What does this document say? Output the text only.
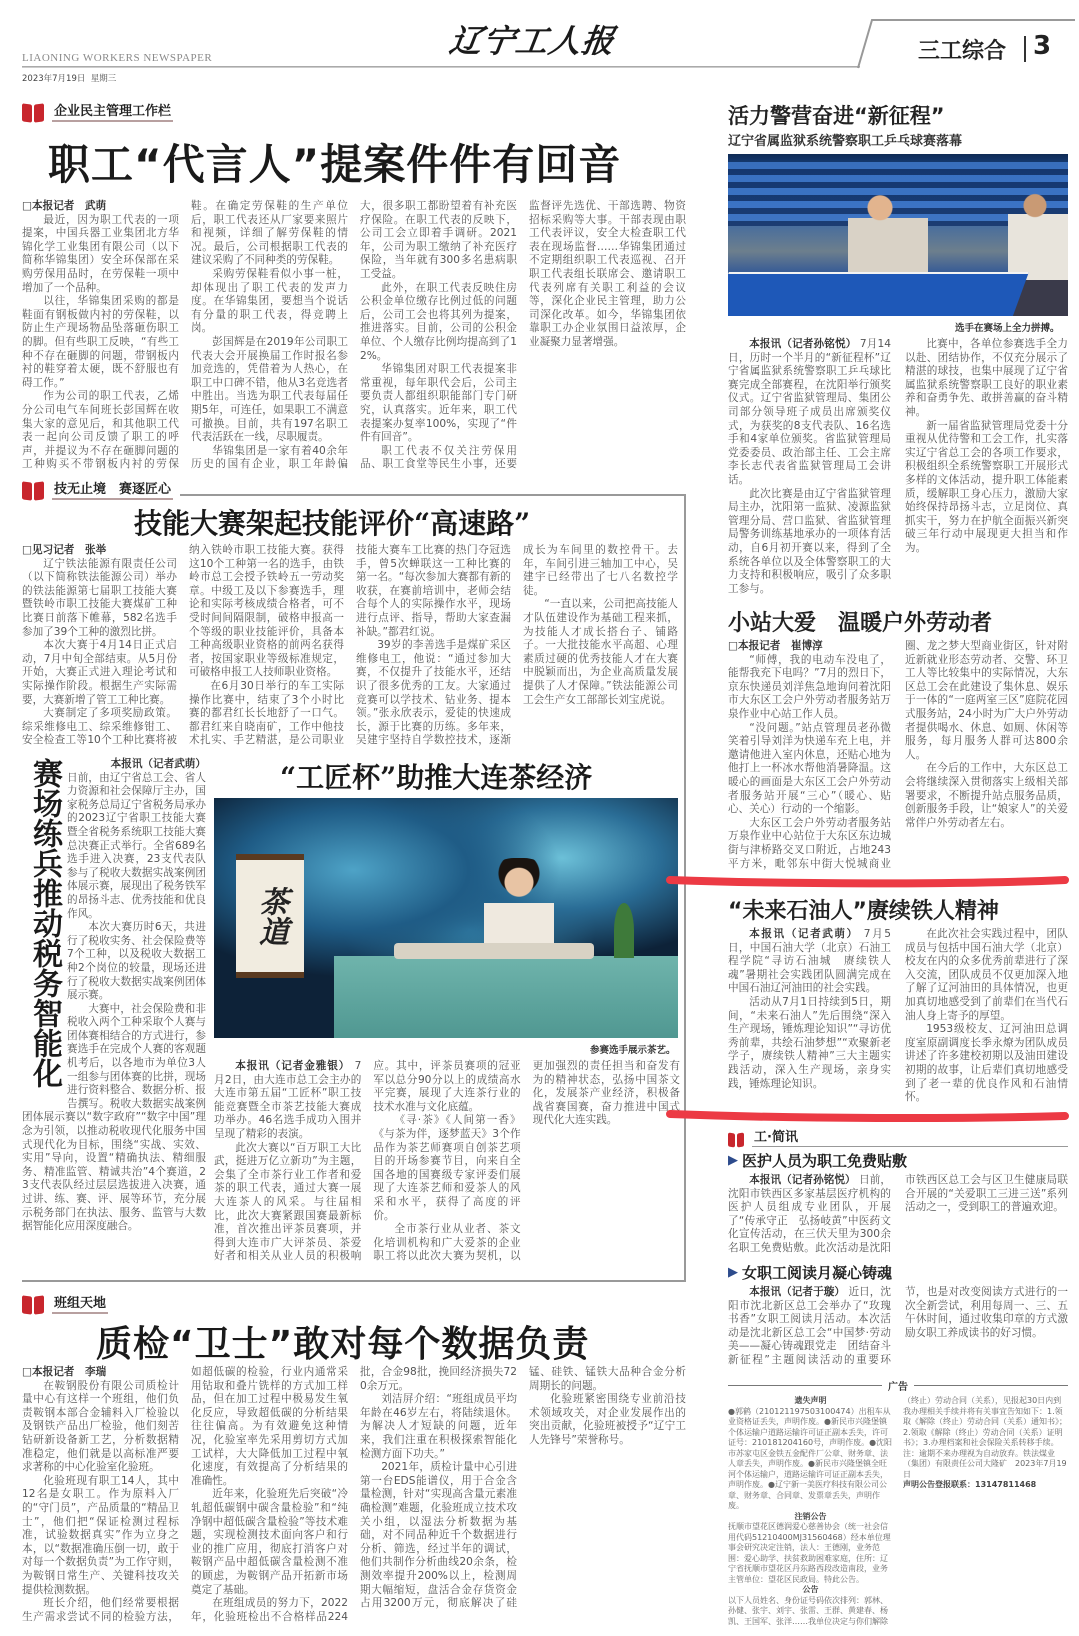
辽宁工人报
LIAONING WORKERS NEWSPAPER
2023年7月19日  星期三
三工综合 3
企业民主管理工作栏
职工“代言人”提案件件有回音

□本报记者　武萌

最近，因为职工代表的一项提案，中国兵器工业集团北方华锦化学工业集团有限公司（以下简称华锦集团）安全环保部在采购劳保用品时，在劳保鞋一项中增加了一个品种。

以往，华锦集团采购的都是鞋面有钢板做内衬的劳保鞋，以防止生产现场物品坠落砸伤职工的脚。但有些职工反映，“有些工种不存在砸脚的问题，带钢板内衬的鞋穿着太硬，既不舒服也有碍工作。”

作为公司的职工代表，乙烯分公司电气车间班长彭国辉在收集大家的意见后，和其他职工代表一起向公司反馈了职工的呼声，并提议为不存在砸脚问题的工种购买不带钢板内衬的劳保鞋。在确定劳保鞋的生产单位后，职工代表还从厂家要来照片和视频，详细了解劳保鞋的情况。最后，公司根据职工代表的建议采购了不同种类的劳保鞋。

采购劳保鞋看似小事一桩，却体现出了职工代表的发声力度。在华锦集团，要想当个说话有分量的职工代表，得竞聘上岗。

彭国辉是在2019年公司职工代表大会开展换届工作时报名参加竞选的，凭借着为人热心，在职工中口碑不错，他从3名竞选者中胜出。当选为职工代表每届任期5年，可连任，如果职工不满意可撤换。目前，共有197名职工代表活跃在一线，尽职履责。

华锦集团是一家有着40余年历史的国有企业，职工年龄偏大，很多职工都盼望着有补充医疗保险。在职工代表的反映下，公司工会立即着手调研。2021年，公司为职工缴纳了补充医疗保险，当年就有300多名患病职工受益。

此外，在职工代表反映住房公积金单位缴存比例过低的问题后，公司工会也将其列为提案，推进落实。目前，公司的公积金单位、个人缴存比例均提高到了12%。

华锦集团对职工代表提案非常重视，每年职代会后，公司主要负责人都组织职能部门专门研究，认真落实。近年来，职工代表提案办复率100%，实现了“件件有回音”。

职工代表不仅关注劳保用品、职工食堂等民生小事，还要监督评先选优、干部选聘、物资招标采购等大事。干部表现由职工代表评议，安全大检查职工代表在现场监督……华锦集团通过不定期组织职工代表巡视、召开职工代表组长联席会、邀请职工代表列席有关职工利益的会议等，深化企业民主管理，助力公司深化改革。如今，华锦集团依靠职工办企业氛围日益浓厚，企业凝聚力显著增强。

活力警营奋进“新征程”
辽宁省属监狱系统警察职工乒乓球赛落幕
选手在赛场上全力拼搏。

本报讯（记者孙铭悦） 7月14日，历时一个半月的“新征程杯”辽宁省属监狱系统警察职工乒乓球比赛完成全部赛程，在沈阳举行颁奖仪式。辽宁省监狱管理局、集团公司部分领导班子成员出席颁奖仪式，为获奖的8支代表队、16名选手和4家单位颁奖。省监狱管理局党委委员、政治部主任、工会主席李长志代表省监狱管理局工会讲话。

此次比赛是由辽宁省监狱管理局主办，沈阳第一监狱、凌源监狱管理分局、营口监狱、省监狱管理局警务训练基地承办的一项体育活动，自6月初开赛以来，得到了全系统各单位以及全体警察职工的大力支持和积极响应，吸引了众多职工参与。

比赛中，各单位参赛选手全力以赴、团结协作，不仅充分展示了精湛的球技，也集中展现了辽宁省属监狱系统警察职工良好的职业素养和奋勇争先、敢拼善赢的奋斗精神。

新一届省监狱管理局党委十分重视从优待警和工会工作，扎实落实辽宁省总工会的各项工作要求，积极组织全系统警察职工开展形式多样的文体活动，提升职工体能素质，缓解职工身心压力，激励大家始终保持昂扬斗志，立足岗位、真抓实干，努力在护航全面振兴新突破三年行动中展现更大担当和作为。

技无止境　赛逐匠心
技能大赛架起技能评价“高速路”

□见习记者　张举

辽宁铁法能源有限责任公司（以下简称铁法能源公司）举办的铁法能源第七届职工技能大赛暨铁岭市职工技能大赛煤矿工种比赛日前落下帷幕，582名选手参加了39个工种的激烈比拼。

本次大赛于4月14日正式启动，7月中旬全部结束。从5月份开始，大赛正式进入理论考试和实际操作阶段。根据生产实际需要，大赛新增了管工工种比赛。

大赛制定了多项奖励政策。综采维修电工、综采维修钳工、安全检查工等10个工种比赛将被纳入铁岭市职工技能大赛。获得这10个工种第一名的选手，由铁岭市总工会授予铁岭五一劳动奖章。中级工及以下参赛选手，理论和实际考核成绩合格者，可不受时间间隔限制，破格申报高一个等级的职业技能评价，具备本工种高级职业资格的前两名获得者，按国家职业等级标准规定，可破格申报工人技师职业资格。

在6月30日举行的车工实际操作比赛中，结束了3个小时比赛的都君红长长地舒了一口气。都君红来自晓南矿，工作中他技术扎实、手艺精湛，是公司职业技能大赛车工比赛的热门夺冠选手，曾5次蝉联这一工种比赛的第一名。“每次参加大赛都有新的收获，在赛前培训中，老师会结合每个人的实际操作水平，现场进行点评、指导，帮助大家查漏补缺。”都君红说。

39岁的李善选手是煤矿采区维修电工，他说：“通过参加大赛，不仅提升了技能水平，还结识了很多优秀的工友。大家通过竞赛可以学技术、钻业务、提本领。”张永欣表示，爱徒的快速成长，源于比赛的历练。多年来，吴建宇坚持自学数控技术，逐渐成长为车间里的数控骨干。去年，车间引进三轴加工中心，吴建宇已经带出了七八名数控学徒。

“一直以来，公司把高技能人才队伍建设作为基础工程来抓，为技能人才成长搭台子、铺路子。一大批技能水平高超、心理素质过硬的优秀技能人才在大赛中脱颖而出，为企业高质量发展提供了人才保障。”铁法能源公司工会生产女工部部长刘宝虎说。

赛场练兵推动税务智能化	本报讯（记者武萌）

日前，由辽宁省总工会、省人力资源和社会保障厅主办，国家税务总局辽宁省税务局承办的2023辽宁省职工技能大赛暨全省税务系统职工技能大赛总决赛正式举行。全省689名选手进入决赛，23支代表队参与了税收大数据实战案例团体展示赛，展现出了税务铁军的昂扬斗志、优秀技能和优良作风。

本次大赛历时6天，共进行了税收实务、社会保险费等7个工种，以及税收大数据工种2个岗位的较量，现场还进行了税收大数据实战案例团体展示赛。

大赛中，社会保险费和非税收入两个工种采取个人赛与团体赛相结合的方式进行，参赛选手在完成个人赛的客观题机考后，以各地市为单位3人一组参与团体赛的比拼，现场进行资料整合、数据分析、报告撰写。税收大数据实战案例团体展示赛以“数字政府”“数字中国”理念为引领，以推动税收现代化服务中国式现代化为目标，围绕“实战、实效、实用”导向，设置“精确执法、精细服务、精准监管、精诚共治”4个赛道，23支代表队经过层层选拔进入决赛，通过讲、练、赛、评、展等环节，充分展示税务部门在执法、服务、监管与大数据智能化应用深度融合。

“工匠杯”助推大连茶经济
茶道
参赛选手展示茶艺。

本报讯（记者金雅银） 7月2日，由大连市总工会主办的大连市第五届“工匠杯”职工技能竞赛暨全市茶艺技能大赛成功举办。46名选手成功入围并呈现了精彩的表演。

此次大赛以“百万职工大比武，挺进万亿立新功”为主题，会集了全市茶行业工作者和爱茶的职工代表，通过大赛一展大连茶人的风采。与往届相比，此次大赛紧跟国赛最新标准，首次推出评茶员赛项，并得到大连市广大评茶员、茶爱好者和相关从业人员的积极响应。其中，评茶员赛项的冠亚军以总分90分以上的成绩高水平完赛，展现了大连茶行业的技术水准与文化底蕴。

《寻·茶》《人间第一香》《与茶为伴，逐梦蓝天》3个作品作为茶艺师赛项自创茶艺项目的开场参赛节目，向来自全国各地的国赛级专家评委们展现了大连茶艺师和爱茶人的风采和水平，获得了高度的评价。

全市茶行业从业者、茶文化培训机构和广大爱茶的企业职工将以此次大赛为契机，以更加强烈的责任担当和奋发有为的精神状态，弘扬中国茶文化，发展茶产业经济，积极备战省赛国赛，奋力推进中国式现代化大连实践。

小站大爱　温暖户外劳动者

□本报记者　崔博淳

“师傅，我的电动车没电了，能帮我充下电吗？”7月的烈日下，京东快递员刘洋焦急地询问着沈阳市大东区工会户外劳动者服务站万泉作业中心站工作人员。

“没问题。”站点管理员老孙微笑着引导刘洋为快递车充上电，并邀请他进入室内休息，还贴心地为他打上一杯冰水帮他消暑降温。这暖心的画面是大东区工会户外劳动者服务站开展“三心”（暖心、贴心、关心）行动的一个缩影。

大东区工会户外劳动者服务站万泉作业中心站位于大东区东边城街与津桥路交叉口附近，占地243平方米，毗邻东中街大悦城商业圈、龙之梦大型商业街区，针对附近新就业形态劳动者、交警、环卫工人等比较集中的实际情况，大东区总工会在此建设了集休息、娱乐于一体的“一庭两室三区”庭院花园式服务站，24小时为广大户外劳动者提供喝水、休息、如厕、休闲等服务，每月服务人群可达800余人。

在今后的工作中，大东区总工会将继续深入贯彻落实上级相关部署要求，不断提升站点服务品质，创新服务手段，让“娘家人”的关爱常伴户外劳动者左右。

“未来石油人”赓续铁人精神

本报讯（记者武萌） 7月5日，中国石油大学（北京）石油工程学院“寻访石油城　赓续铁人魂”暑期社会实践团队圆满完成在中国石油辽河油田的社会实践。

活动从7月1日持续到5日，期间，“未来石油人”先后围绕“深入生产现场，锤炼理论知识”“寻访优秀前辈，共绘石油梦想”“欢聚新老学子，赓续铁人精神”三大主题实践活动，深入生产现场，亲身实践，锤炼理论知识。

在此次社会实践过程中，团队成员与包括中国石油大学（北京）校友在内的众多优秀前辈进行了深入交流，团队成员不仅更加深入地了解了辽河油田的具体情况，也更加真切地感受到了前辈们在当代石油人身上寄予的厚望。

1953级校友、辽河油田总调度室原副调度长季永燎为团队成员讲述了许多建校初期以及油田建设初期的故事，让后辈们真切地感受到了老一辈的优良作风和石油情怀。

工·简讯
▶ 医护人员为职工免费贴敷

本报讯（记者孙铭悦） 日前，沈阳市铁西区多家基层医疗机构的医护人员组成专业团队，开展了“传承守正　弘扬岐黄”中医药文化宣传活动，在三伏天里为300余名职工免费贴敷。此次活动是沈阳市铁西区总工会与区卫生健康局联合开展的“关爱职工三进三送”系列活动之一，受到职工的普遍欢迎。

▶ 女职工阅读月凝心铸魂

本报讯（记者于璇） 近日，沈阳市沈北新区总工会举办了“玫瑰书香”女职工阅读月活动。本次活动是沈北新区总工会“中国梦·劳动美——凝心铸魂跟党走　团结奋斗新征程”主题阅读活动的重要环节，也是对改变阅读方式进行的一次全新尝试，利用每周一、三、五午休时间，通过收集印章的方式激励女职工养成读书的好习惯。

广告
遗失声明
●郭鹤（210121197503100474）出租车从业资格证丢失，声明作废。●新民市兴隆堡镇个体运输户道路运输许可证正副本丢失，许可证号：210181204160号，声明作废。●沈阳市苏家屯区金铁五金配件厂公章、财务章、法人章丢失，声明作废。●新民市兴隆堡镇全旺河个体运输户，道路运输许可证正副本丢失，声明作废。●辽宁新一美医疗科技有限公司公章、财务章、合同章、发票章丢失，声明作废。
注销公告
抚顺市望花区德润爱心慈善协会（统一社会信用代码51210400MJ31560468）经本单位理事会研究决定注销，法人：王德刚，业务范围：爱心助学、扶贫救助困难家庭，住所：辽宁省抚顺市望花区丹东路西段改造南段，业务主管单位：望花区民政局。特此公告。
公告
以下人员姓名、身份证号码依次排列：郭林、孙健、张宇、刘宇、张雷、王群、黄建春、杨凯、王国军、张洋……我单位决定与你们解除（终止）劳动合同（关系），见报起30日内到我办理相关手续并将有关事宜告知如下：1.领取《解除（终止）劳动合同（关系）通知书》；2.领取《解除（终止）劳动合同（关系）证明书》；3.办理档案和社会保险关系转移手续。注：逾期不来办理视为自动放弃。铁法煤业（集团）有限责任公司大隆矿　2023年7月19日
声明公告登报联系：13147811468
班组天地
质检“卫士”敢对每个数据负责

□本报记者　李瑞

在鞍钢股份有限公司质检计量中心有这样一个班组，他们负责鞍钢本部合金辅料入厂检验以及钢铁产品出厂检验，他们刻苦钻研新设备新工艺，分析数据精准稳定，他们就是以高标准严要求著称的中心化验室化验班。

化验班现有职工14人，其中12名是女职工。作为原料入厂的“守门员”，产品质量的“精品卫士”，他们把“保证检测过程标准，试验数据真实”作为立身之本，以“数据准确压倒一切，敢于对每一个数据负责”为工作守则，为鞍钢日常生产、关键科技攻关提供检测数据。

班长介绍，他们经常要根据生产需求尝试不同的检验方法，如超低碳的检验，行业内通常采用钻取和叠片铣样的方式加工样品，但在加工过程中极易发生氧化反应，导致超低碳的分析结果往往偏高。为有效避免这种情况，化验室率先采用剪切方式加工试样，大大降低加工过程中氧化速度，有效提高了分析结果的准确性。

近年来，化验班先后突破“冷轧超低碳钢中碳含量检验”和“纯净钢中超低碳含量检验”等技术难题，实现检测技术面向客户和行业的推广应用，彻底打消客户对鞍钢产品中超低碳含量检测不准的顾虑，为鞍钢产品开拓新市场奠定了基础。

在班组成员的努力下，2022年，化验班检出不合格样品224批，合金98批，挽回经济损失720余万元。

刘洁屏介绍：“班组成员平均年龄在46岁左右，将陆续退休。为解决人才短缺的问题，近年来，我们注重在积极探索智能化检测方面下功夫。”

2021年，质检计量中心引进第一台EDS能谱仪，用于合金含量检测，针对“实现高含量元素准确检测”难题，化验班成立技术攻关小组，以湿法分析数据为基础，对不同品种近千个数据进行分析、筛选，经过半年的调试，他们共制作分析曲线20余条，检测效率提升200%以上，检测周期大幅缩短，盘活合金存货资金占用3200万元，彻底解决了硅锰、硅铁、锰铁大品种合金分析周期长的问题。

化验班紧密围绕专业前沿技术领域攻关，对企业发展作出的突出贡献，化验班被授予“辽宁工人先锋号”荣誉称号。
